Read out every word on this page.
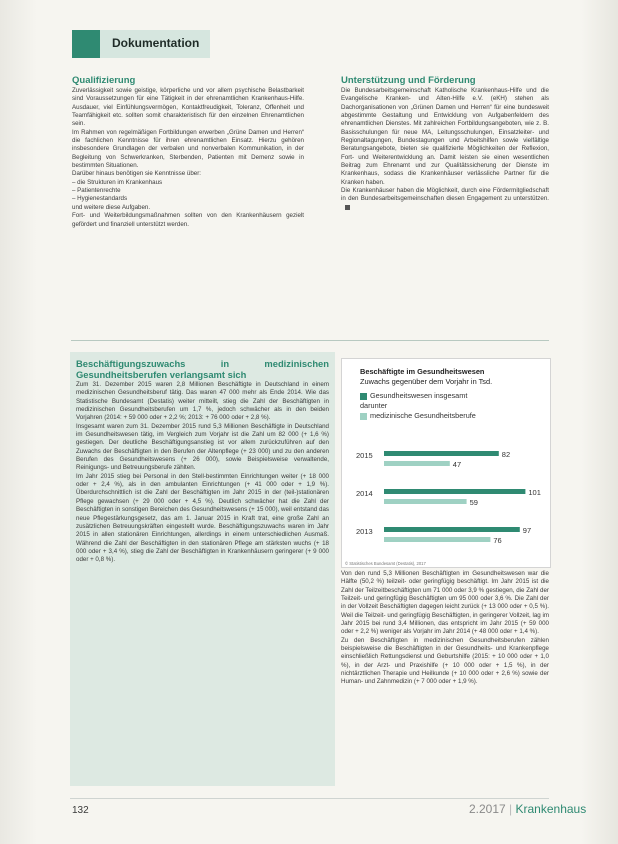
Dokumentation
Qualifizierung

Zuverlässigkeit sowie geistige, körperliche und vor allem psychische Belastbarkeit sind Voraussetzungen für eine Tätigkeit in der ehrenamtlichen Krankenhaus-Hilfe. Ausdauer, viel Einfühlungsvermögen, Kontaktfreudigkeit, Toleranz, Offenheit und Teamfähigkeit etc. sollten somit charakteristisch für den einzelnen Ehrenamtlichen sein.

Im Rahmen von regelmäßigen Fortbildungen erwerben „Grüne Damen und Herren“ die fachlichen Kenntnisse für ihren ehrenamtlichen Einsatz. Hierzu gehören insbesondere Grundlagen der verbalen und nonverbalen Kommunikation, in der Begleitung von Schwerkranken, Sterbenden, Patienten mit Demenz sowie in bestimmten Situationen.

Darüber hinaus benötigen sie Kenntnisse über:

– die Strukturen im Krankenhaus
– Patientenrechte
– Hygienestandards

und weitere diese Aufgaben.

Fort- und Weiterbildungsmaßnahmen sollten von den Krankenhäusern gezielt gefördert und finanziell unterstützt werden.

Unterstützung und Förderung

Die Bundesarbeitsgemeinschaft Katholische Krankenhaus-Hilfe und die Evangelische Kranken- und Alten-Hilfe e.V. (eKH) stehen als Dachorganisationen von „Grünen Damen und Herren“ für eine bundesweit abgestimmte Gestaltung und Entwicklung von Aufgabenfeldern des ehrenamtlichen Dienstes. Mit zahlreichen Fortbildungsangeboten, wie z. B. Basisschulungen für neue MA, Leitungsschulungen, Einsatzleiter- und Regionaltagungen, Bundestagungen und Arbeitshilfen sowie vielfältige Beratungsangebote, bieten sie qualifizierte Möglichkeiten der Reflexion, Fort- und Weiterentwicklung an. Damit leisten sie einen wesentlichen Beitrag zum Ehrenamt und zur Qualitätssicherung der Dienste im Krankenhaus, sodass die Krankenhäuser verlässliche Partner für die Kranken haben.

Die Krankenhäuser haben die Möglichkeit, durch eine Fördermitgliedschaft in den Bundesarbeitsgemeinschaften diesen Engagement zu unterstützen.

Beschäftigungszuwachs in medizinischen Gesundheitsberufen verlangsamt sich

Zum 31. Dezember 2015 waren 2,8 Millionen Beschäftigte in Deutschland in einem medizinischen Gesundheitsberuf tätig. Das waren 47 000 mehr als Ende 2014. Wie das Statistische Bundesamt (Destatis) weiter mitteilt, stieg die Zahl der Beschäftigten in medizinischen Gesundheitsberufen um 1,7 %, jedoch schwächer als in den beiden Vorjahren (2014: + 59 000 oder + 2,2 %; 2013: + 76 000 oder + 2,8 %).

Insgesamt waren zum 31. Dezember 2015 rund 5,3 Millionen Beschäftigte in Deutschland im Gesundheitswesen tätig, im Vergleich zum Vorjahr ist die Zahl um 82 000 (+ 1,6 %) gestiegen. Der deutliche Beschäftigungsanstieg ist vor allem zurückzuführen auf den Zuwachs der Beschäftigten in den Berufen der Altenpflege (+ 23 000) und zu den anderen Berufen des Gesundheitswesens (+ 26 000), sowie Beispielsweise verwaltende, Reinigungs- und Betreuungsberufe zählten.

Im Jahr 2015 stieg bei Personal in den Stell-bestimmten Einrichtungen weiter (+ 18 000 oder + 2,4 %), als in den ambulanten Einrichtungen (+ 41 000 oder + 1,9 %). Überdurchschnittlich ist die Zahl der Beschäftigten im Jahr 2015 in der (teil-)stationären Pflege gewachsen (+ 29 000 oder + 4,5 %). Deutlich schwächer hat die Zahl der Beschäftigten in sonstigen Bereichen des Gesundheitswesens (+ 15 000), weil entstand das neue Pflegestärkungsgesetz, das am 1. Januar 2015 in Kraft trat, eine große Zahl an zusätzlichen Betreuungskräften eingestellt wurde. Beschäftigungszuwachs waren im Jahr 2015 in allen stationären Einrichtungen, allerdings in einem unterschiedlichen Ausmaß. Während die Zahl der Beschäftigten in den stationären Pflege am stärksten wuchs (+ 18 000 oder + 3,4 %), stieg die Zahl der Beschäftigten in Krankenhäusern geringerer (+ 9 000 oder + 0,8 %).

Beschäftigte im Gesundheitswesen
Zuwachs gegenüber dem Vorjahr in Tsd.
Gesundheitswesen insgesamt
darunter
medizinische Gesundheitsberufe
2015	82
47
2014	101
59
2013	97
76
© Statistisches Bundesamt (Destatis), 2017

Von den rund 5,3 Millionen Beschäftigten im Gesundheitswesen war die Hälfte (50,2 %) teilzeit- oder geringfügig beschäftigt. Im Jahr 2015 ist die Zahl der Teilzeitbeschäftigten um 71 000 oder 3,9 % gestiegen, die Zahl der Teilzeit- und geringfügig Beschäftigten um 95 000 oder 3,6 %. Die Zahl der in der Vollzeit Beschäftigten dagegen leicht zurück (+ 13 000 oder + 0,5 %). Weil die Teilzeit- und geringfügig Beschäftigten, in geringerer Vollzeit, lag im Jahr 2015 bei rund 3,4 Millionen, das entspricht im Jahr 2015 (+ 59 000 oder + 2,2 %) weniger als Vorjahr im Jahr 2014 (+ 48 000 oder + 1,4 %).

Zu den Beschäftigten in medizinischen Gesundheitsberufen zählen beispielsweise die Beschäftigten in der Gesundheits- und Krankenpflege einschließlich Rettungsdienst und Geburtshilfe (2015: + 10 000 oder + 1,0 %), in der Arzt- und Praxishilfe (+ 10 000 oder + 1,5 %), in der nichtärztlichen Therapie und Heilkunde (+ 10 000 oder + 2,6 %) sowie der Human- und Zahnmedizin (+ 7 000 oder + 1,9 %).

132	2.2017 | Krankenhaus
